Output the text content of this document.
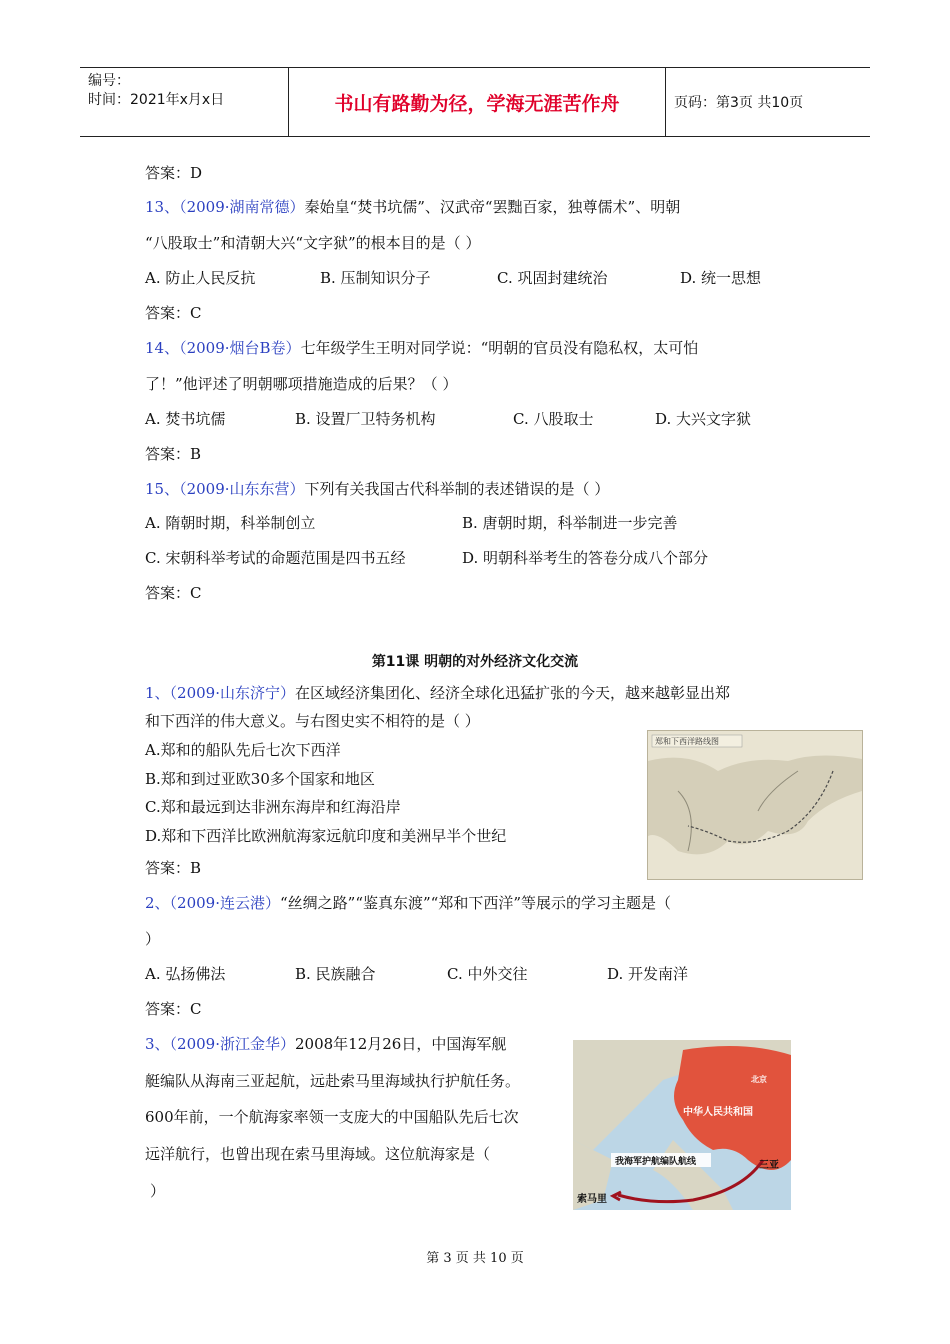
编号：
时间：2021年x月x日	书山有路勤为径，学海无涯苦作舟	页码：第3页 共10页
答案：D
13、（2009·湖南常德）秦始皇“焚书坑儒”、汉武帝“罢黜百家，独尊儒术”、明朝
“八股取士”和清朝大兴“文字狱”的根本目的是（ ）
A. 防止人民反抗	B. 压制知识分子	C. 巩固封建统治	D. 统一思想
答案：C
14、（2009·烟台B卷）七年级学生王明对同学说：“明朝的官员没有隐私权，太可怕
了！”他评述了明朝哪项措施造成的后果？（ ）
A. 焚书坑儒	B. 设置厂卫特务机构	C. 八股取士	D. 大兴文字狱
答案：B
15、（2009·山东东营）下列有关我国古代科举制的表述错误的是（ ）
A. 隋朝时期，科举制创立	B. 唐朝时期，科举制进一步完善
C. 宋朝科举考试的命题范围是四书五经	D. 明朝科举考生的答卷分成八个部分
答案：C
第11课 明朝的对外经济文化交流
1、（2009·山东济宁）在区域经济集团化、经济全球化迅猛扩张的今天，越来越彰显出郑
和下西洋的伟大意义。与右图史实不相符的是（ ）
A.郑和的船队先后七次下西洋
B.郑和到过亚欧30多个国家和地区
C.郑和最远到达非洲东海岸和红海沿岸
D.郑和下西洋比欧洲航海家远航印度和美洲早半个世纪
答案：B
郑和下西洋路线图
2、（2009·连云港）“丝绸之路”“鉴真东渡”“郑和下西洋”等展示的学习主题是（
）
A. 弘扬佛法	B. 民族融合	C. 中外交往	D. 开发南洋
答案：C
3、（2009·浙江金华）2008年12月26日，中国海军舰
艇编队从海南三亚起航，远赴索马里海域执行护航任务。
600年前，一个航海家率领一支庞大的中国船队先后七次
远洋航行，也曾出现在索马里海域。这位航海家是（
）
北京
中华人民共和国
我海军护航编队航线	三亚
索马里
第 3 页 共 10 页
